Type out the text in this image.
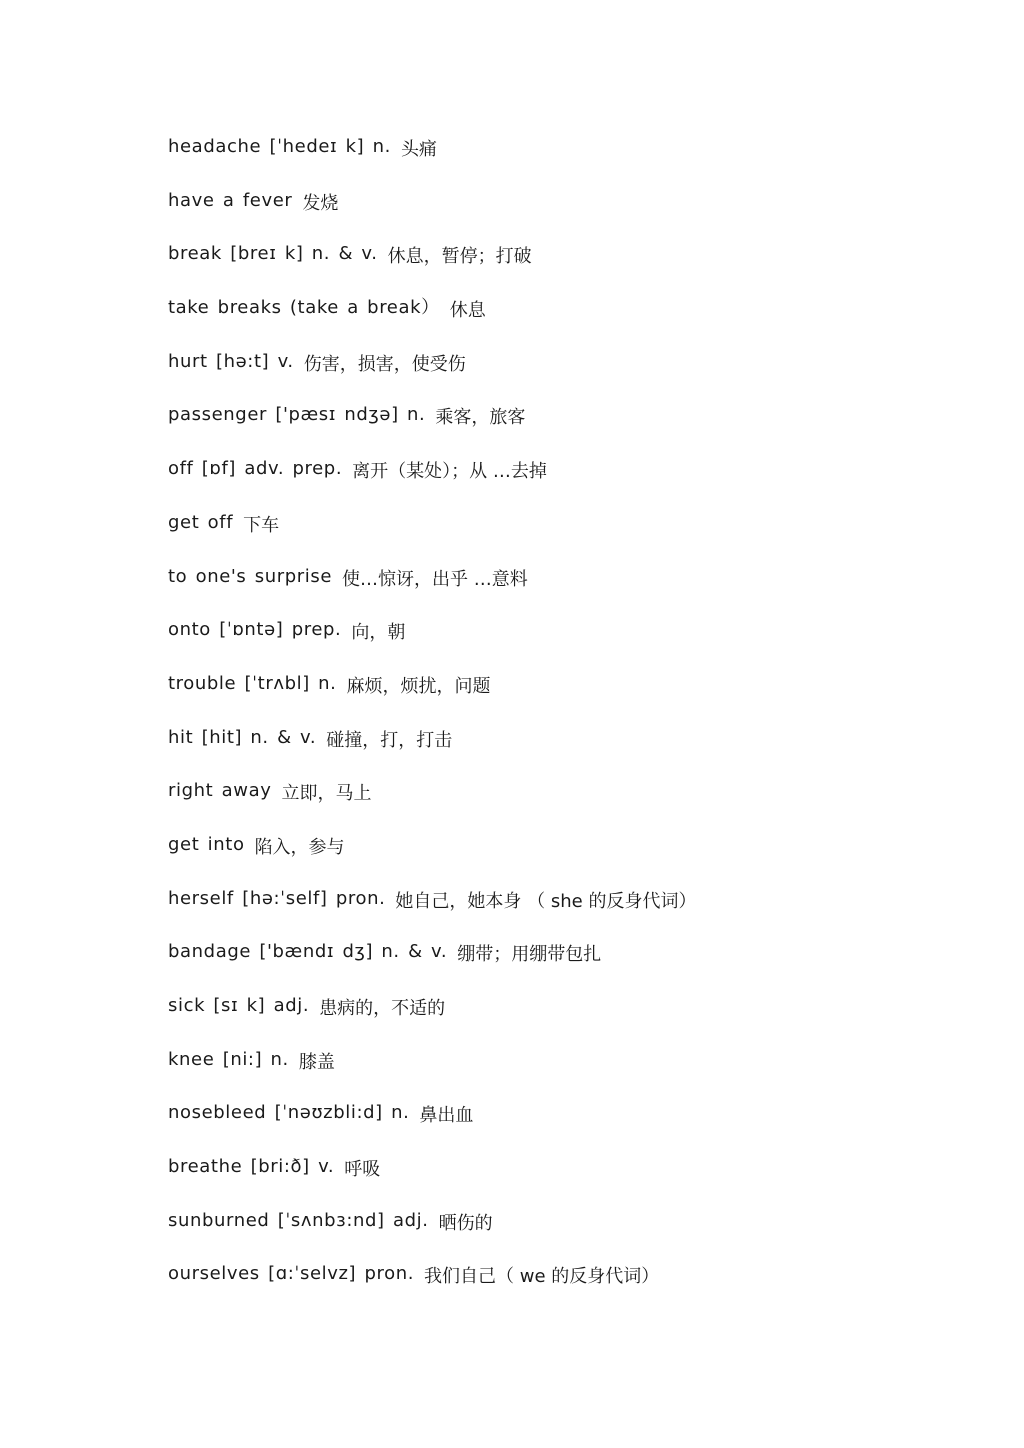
headache [ˈhedeɪ k] n. 头痛
have a fever 发烧
break [breɪ k] n. & v. 休息，暂停；打破
take breaks (take a break） 休息
hurt [hə:t] v. 伤害，损害，使受伤
passenger ['pæsɪ ndʒə] n. 乘客，旅客
off [ɒf] adv. prep. 离开（某处）；从 …去掉
get off 下车
to one's surprise 使…惊讶，出乎 …意料
onto [ˈɒntə] prep. 向，朝
trouble [ˈtrʌbl] n. 麻烦，烦扰，问题
hit [hit] n. & v. 碰撞，打，打击
right away 立即，马上
get into 陷入，参与
herself [hə:ˈself] pron. 她自己，她本身 （ she 的反身代词）
bandage ['bændɪ dʒ] n. & v. 绷带；用绷带包扎
sick [sɪ k] adj. 患病的，不适的
knee [ni:] n. 膝盖
nosebleed [ˈnəʊzbli:d] n. 鼻出血
breathe [bri:ð] v. 呼吸
sunburned [ˈsʌnbɜ:nd] adj. 晒伤的
ourselves [ɑ:ˈselvz] pron. 我们自己（ we 的反身代词）
